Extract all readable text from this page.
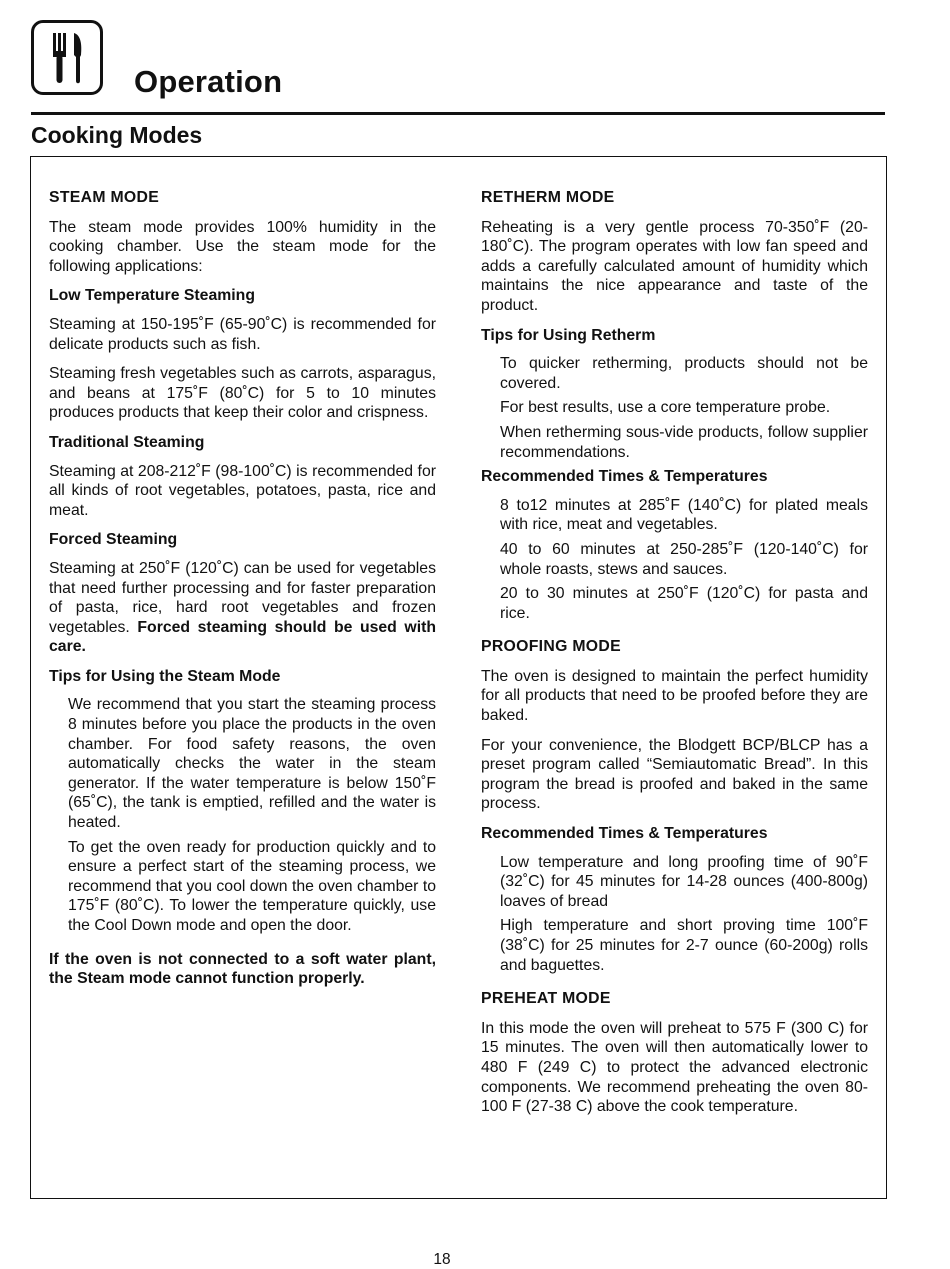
Operation
Cooking Modes
STEAM MODE

The steam mode provides 100% humidity in the cooking chamber. Use the steam mode for the following applications:

Low Temperature Steaming

Steaming at 150-195˚F (65-90˚C) is recommended for delicate products such as fish.

Steaming fresh vegetables such as carrots, asparagus, and beans at 175˚F (80˚C) for 5 to 10 minutes produces products that keep their color and crispness.

Traditional Steaming

Steaming at 208-212˚F (98-100˚C) is recommended for all kinds of root vegetables, potatoes, pasta, rice and meat.

Forced Steaming

Steaming at 250˚F (120˚C) can be used for vegetables that need further processing and for faster preparation of pasta, rice, hard root vegetables and frozen vegetables. Forced steaming should be used with care.

Tips for Using the Steam Mode

We recommend that you start the steaming process 8 minutes before you place the products in the oven chamber. For food safety reasons, the oven automatically checks the water in the steam generator. If the water temperature is below 150˚F (65˚C), the tank is emptied, refilled and the water is heated.

To get the oven ready for production quickly and to ensure a perfect start of the steaming process, we recommend that you cool down the oven chamber to 175˚F (80˚C). To lower the temperature quickly, use the Cool Down mode and open the door.

If the oven is not connected to a soft water plant, the Steam mode cannot function properly.

RETHERM MODE

Reheating is a very gentle process 70-350˚F (20-180˚C). The program operates with low fan speed and adds a carefully calculated amount of humidity which maintains the nice appearance and taste of the product.

Tips for Using Retherm

To quicker retherming, products should not be covered.

For best results, use a core temperature probe.

When retherming sous-vide products, follow supplier recommendations.

Recommended Times & Temperatures

8 to12 minutes at 285˚F (140˚C) for plated meals with rice, meat and vegetables.

40 to 60 minutes at 250-285˚F (120-140˚C) for whole roasts, stews and sauces.

20 to 30 minutes at 250˚F (120˚C) for pasta and rice.

PROOFING MODE

The oven is designed to maintain the perfect humidity for all products that need to be proofed before they are baked.

For your convenience, the Blodgett BCP/BLCP has a preset program called “Semiautomatic Bread”. In this program the bread is proofed and baked in the same process.

Recommended Times & Temperatures

Low temperature and long proofing time of 90˚F (32˚C) for 45 minutes for 14-28 ounces (400-800g) loaves of bread

High temperature and short proving time 100˚F (38˚C) for 25 minutes for 2-7 ounce (60-200g) rolls and baguettes.

PREHEAT MODE

In this mode the oven will preheat to 575 F (300 C) for 15 minutes. The oven will then automatically lower to 480 F (249 C) to protect the advanced electronic components. We recommend preheating the oven 80-100 F (27-38 C) above the cook temperature.

18
